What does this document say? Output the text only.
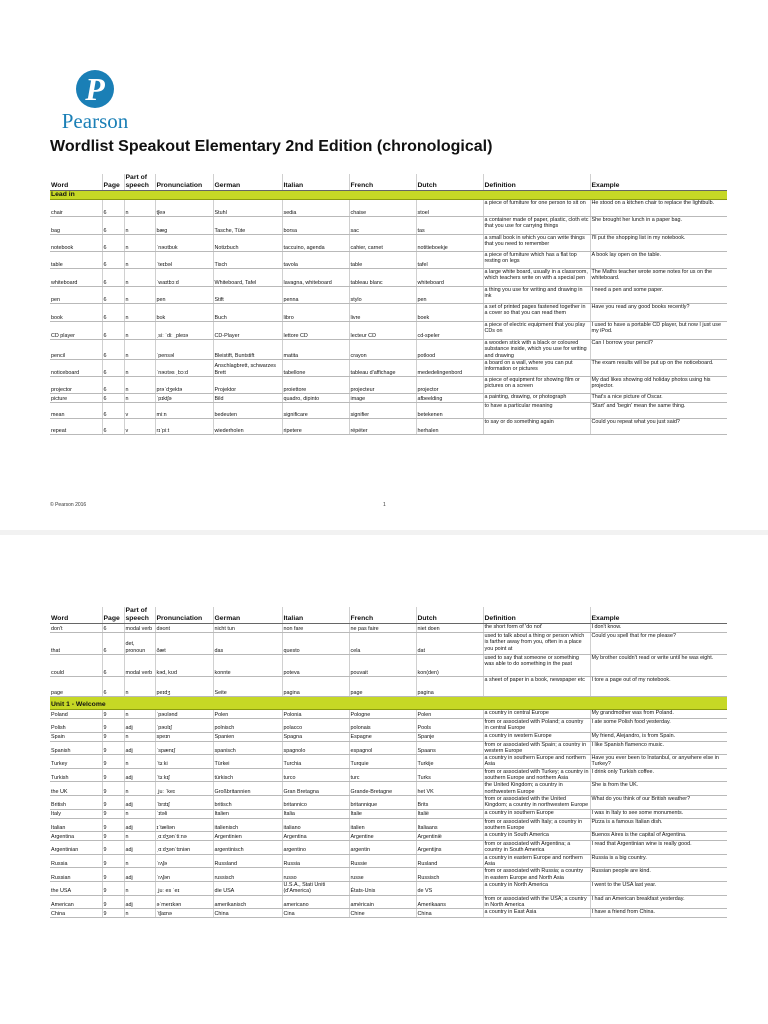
P
Pearson
Wordlist Speakout Elementary 2nd Edition (chronological)
Word	Page	Part of speech	Pronunciation	German	Italian	French	Dutch	Definition	Example
Lead in									
chair	6	n	tʃeə	Stuhl	sedia	chaise	stoel	a piece of furniture for one person to sit on	He stood on a kitchen chair to replace the lightbulb.
bag	6	n	bæg	Tasche, Tüte	borsa	sac	tas	a container made of paper, plastic, cloth etc that you use for carrying things	She brought her lunch in a paper bag.
notebook	6	n	ˈnəʊtbʊk	Notizbuch	taccuino, agenda	cahier, carnet	notitieboekje	a small book in which you can write things that you need to remember	I'll put the shopping list in my notebook.
table	6	n	ˈteɪbəl	Tisch	tavola	table	tafel	a piece of furniture which has a flat top resting on legs	A book lay open on the table.
whiteboard	6	n	ˈwaɪtbɔːd	Whiteboard, Tafel	lavagna, whiteboard	tableau blanc	whiteboard	a large white board, usually in a classroom, which teachers write on with a special pen	The Maths teacher wrote some notes for us on the whiteboard.
pen	6	n	pen	Stift	penna	stylo	pen	a thing you use for writing and drawing in ink	I need a pen and some paper.
book	6	n	bʊk	Buch	libro	livre	boek	a set of printed pages fastened together in a cover so that you can read them	Have you read any good books recently?
CD player	6	n	ˌsiː ˈdiː ˌpleɪə	CD-Player	lettore CD	lecteur CD	cd-speler	a piece of electric equipment that you play CDs on	I used to have a portable CD player, but now I just use my iPod.
pencil	6	n	ˈpensəl	Bleistift, Buntstift	matita	crayon	potlood	a wooden stick with a black or coloured substance inside, which you use for writing and drawing	Can I borrow your pencil?
noticeboard	6	n	ˈnəʊtəs ˌbɔːd	Anschlagbrett, schwarzes Brett	tabellone	tableau d'affichage	mededelingenbord	a board on a wall, where you can put information or pictures	The exam results will be put up on the noticeboard.
projector	6	n	prəˈdʒektə	Projektor	proiettore	projecteur	projector	a piece of equipment for showing film or pictures on a screen	My dad likes showing old holiday photos using his projector.
picture	6	n	ˈpɪktʃə	Bild	quadro, dipinto	image	afbeelding	a painting, drawing, or photograph	That's a nice picture of Oscar.
mean	6	v	miːn	bedeuten	significare	signifier	betekenen	to have a particular meaning	'Start' and 'begin' mean the same thing.
repeat	6	v	rɪˈpiːt	wiederholen	ripetere	répéter	herhalen	to say or do something again	Could you repeat what you just said?
© Pearson 2016	1
Word	Page	Part of speech	Pronunciation	German	Italian	French	Dutch	Definition	Example
don't	6	modal verb	dəʊnt	nicht tun	non fare	ne pas faire	niet doen	the short form of 'do not'	I don't know.
that	6	det, pronoun	ðæt	das	questo	cela	dat	used to talk about a thing or person which is farther away from you, often in a place you point at	Could you spell that for me please?
could	6	modal verb	kəd, kʊd	konnte	poteva	pouvait	kon(den)	used to say that someone or something was able to do something in the past	My brother couldn't read or write until he was eight.
page	6	n	peɪdʒ	Seite	pagina	page	pagina	a sheet of paper in a book, newspaper etc	I tore a page out of my notebook.
Unit 1 - Welcome									
Poland	9	n	ˈpəʊlənd	Polen	Polonia	Pologne	Polen	a country in central Europe	My grandmother was from Poland.
Polish	9	adj	ˈpəʊlɪʃ	polnisch	polacco	polonais	Pools	from or associated with Poland; a country in central Europe	I ate some Polish food yesterday.
Spain	9	n	speɪn	Spanien	Spagna	Espagne	Spanje	a country in western Europe	My friend, Alejandro, is from Spain.
Spanish	9	adj	ˈspænɪʃ	spanisch	spagnolo	espagnol	Spaans	from or associated with Spain; a country in western Europe	I like Spanish flamenco music.
Turkey	9	n	ˈtɜːki	Türkei	Turchia	Turquie	Turkije	a country in southern Europe and northern Asia	Have you ever been to Instanbul, or anywhere else in Turkey?
Turkish	9	adj	ˈtɜːkɪʃ	türkisch	turco	turc	Turks	from or associated with Turkey; a country in southern Europe and northern Asia	I drink only Turkish coffee.
the UK	9	n	ˌjuː ˈkeɪ	Großbritannien	Gran Bretagna	Grande-Bretagne	het VK	the United Kingdom; a country in northwestern Europe	She is from the UK.
British	9	adj	ˈbrɪtɪʃ	britisch	britannico	britannique	Brits	from or associated with the United Kingdom; a country in northwestern Europe	What do you think of our British weather?
Italy	9	n	ˈɪtəli	Italien	Italia	Italie	Italië	a country in southern Europe	I was in Italy to see some monuments.
Italian	9	adj	ɪˈtæliən	italienisch	italiano	italien	Italiaans	from or associated with Italy; a country in southern Europe	Pizza is a famous Italian dish.
Argentina	9	n	ˌɑːdʒənˈtiːnə	Argentinien	Argentina	Argentine	Argentinië	a country in South America	Buenos Aires is the capital of Argentina.
Argentinian	9	adj	ˌɑːdʒənˈtɪniən	argentinisch	argentino	argentin	Argentijns	from or associated with Argentina; a country in South America	I read that Argentinian wine is really good.
Russia	9	n	ˈrʌʃə	Russland	Russia	Russie	Rusland	a country in eastern Europe and northern Asia	Russia is a big country.
Russian	9	adj	ˈrʌʃən	russisch	russo	russe	Russisch	from or associated with Russia; a country in eastern Europe and North Asia	Russian people are kind.
the USA	9	n	ˌjuː es ˈeɪ	die USA	U.S.A., Stati Uniti (d'America)	États-Unis	de VS	a country in North America	I went to the USA last year.
American	9	adj	əˈmerɪkən	amerikanisch	americano	américain	Amerikaans	from or associated with the USA; a country in North America	I had an American breakfast yesterday.
China	9	n	ˈtʃaɪnə	China	Cina	Chine	China	a country in East Asia	I have a friend from China.
